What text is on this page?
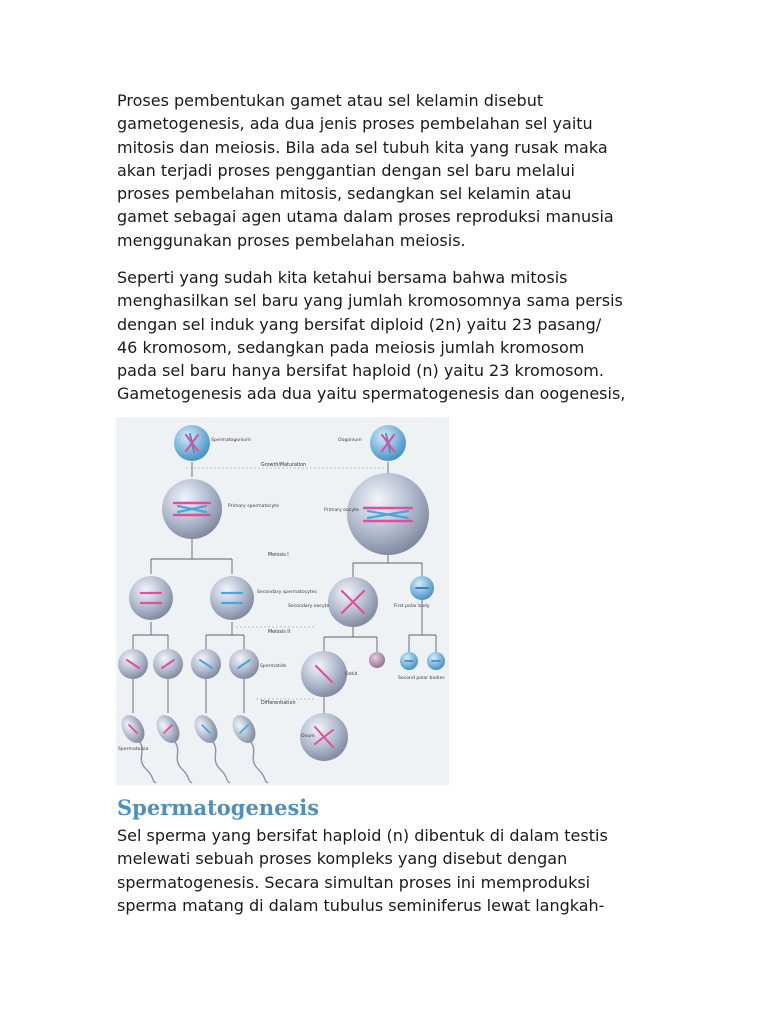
Proses pembentukan gamet atau sel kelamin disebut
gametogenesis, ada dua jenis proses pembelahan sel yaitu
mitosis dan meiosis. Bila ada sel tubuh kita yang rusak maka
akan terjadi proses penggantian dengan sel baru melalui
proses pembelahan mitosis, sedangkan sel kelamin atau
gamet sebagai agen utama dalam proses reproduksi manusia
menggunakan proses pembelahan meiosis.
Seperti yang sudah kita ketahui bersama bahwa mitosis
menghasilkan sel baru yang jumlah kromosomnya sama persis
dengan sel induk yang bersifat diploid (2n) yaitu 23 pasang/
46 kromosom, sedangkan pada meiosis jumlah kromosom
pada sel baru hanya bersifat haploid (n) yaitu 23 kromosom.
Gametogenesis ada dua yaitu spermatogenesis dan oogenesis,
Spermatogonium	Oogonium
Growth/Maturation
Primary spermatocyte
Primary oocyte
Meiosis I
Secondary spermatocytes
Secondary oocyte	First polar body
Meiosis II
Spermatids
Ootid
Second polar bodies
Differentiation
Ovum
Spermatozoa
Spermatogenesis
Sel sperma yang bersifat haploid (n) dibentuk di dalam testis
melewati sebuah proses kompleks yang disebut dengan
spermatogenesis. Secara simultan proses ini memproduksi
sperma matang di dalam tubulus seminiferus lewat langkah-
